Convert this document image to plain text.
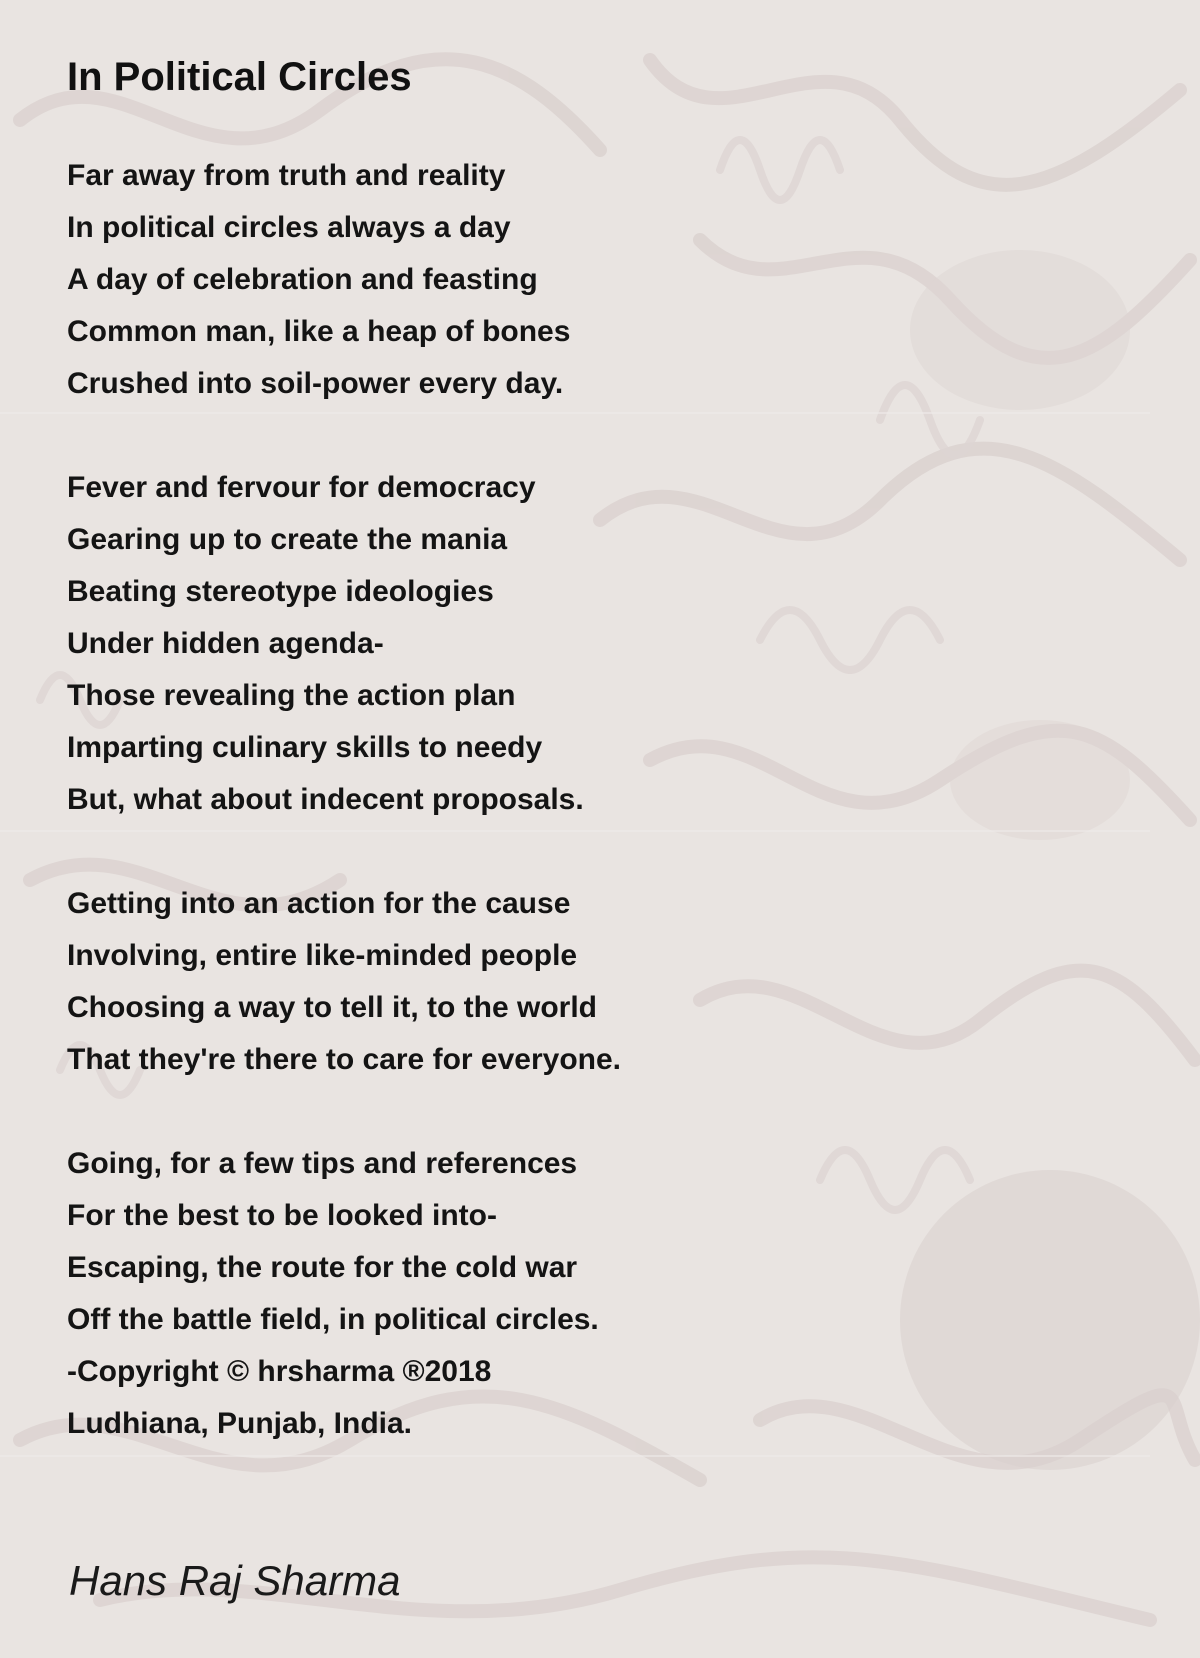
In Political Circles
Far away from truth and reality
In political circles always a day
A day of celebration and feasting
Common man, like a heap of bones
Crushed into soil-power every day.
Fever and fervour for democracy
Gearing up to create the mania
Beating stereotype ideologies
Under hidden agenda-
Those revealing the action plan
Imparting culinary skills to needy
But, what about indecent proposals.
Getting into an action for the cause
Involving, entire like-minded people
Choosing a way to tell it, to the world
That they're there to care for everyone.
Going, for a few tips and references
For the best to be looked into-
Escaping, the route for the cold war
Off the battle field, in political circles.
-Copyright © hrsharma ®2018
Ludhiana, Punjab, India.
Hans Raj Sharma
